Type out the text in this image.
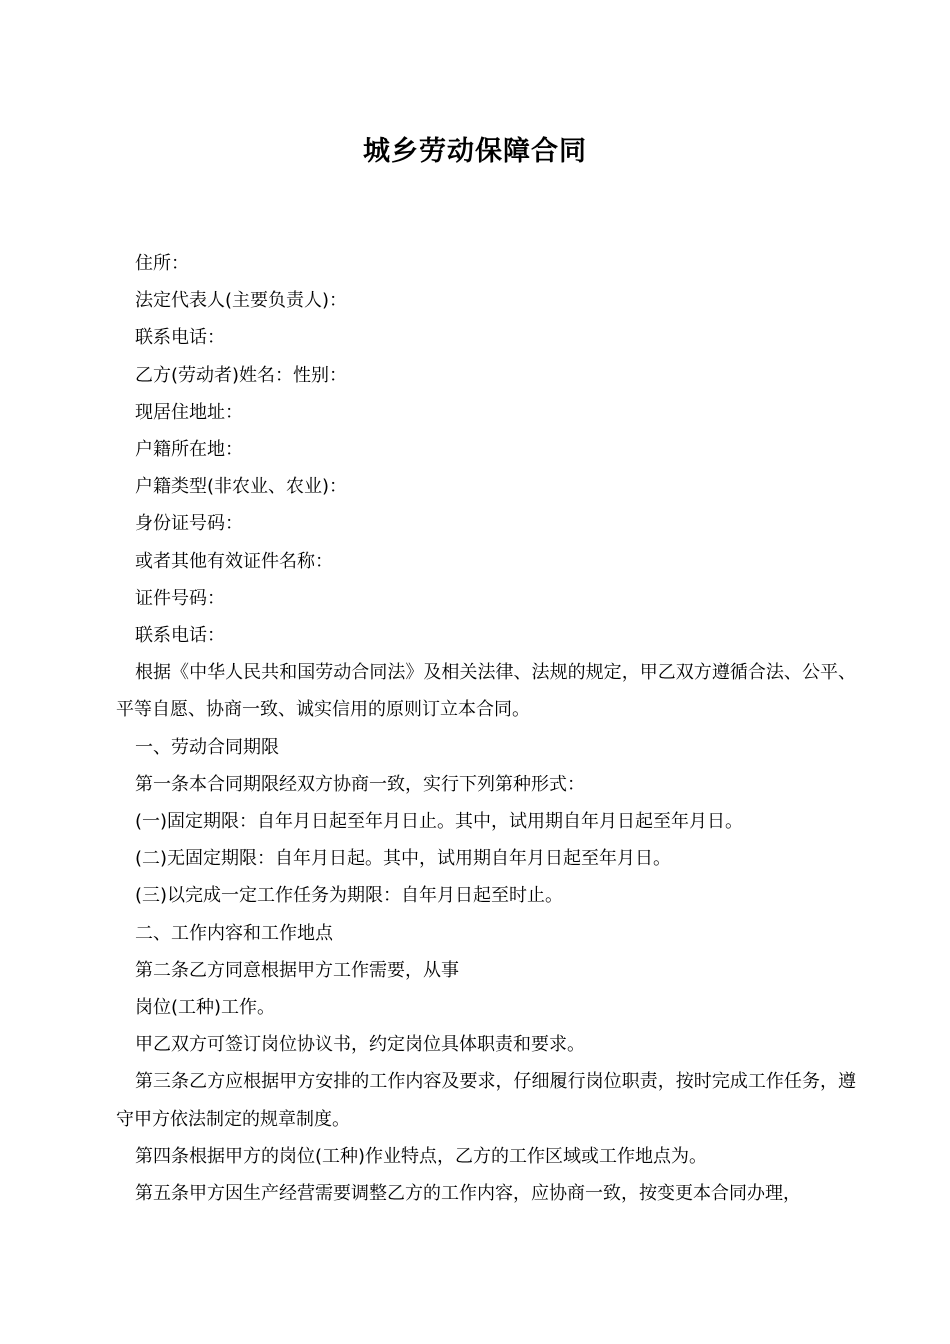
城乡劳动保障合同

住所：

法定代表人(主要负责人)：

联系电话：

乙方(劳动者)姓名：性别：

现居住地址：

户籍所在地：

户籍类型(非农业、农业)：

身份证号码：

或者其他有效证件名称：

证件号码：

联系电话：

根据《中华人民共和国劳动合同法》及相关法律、法规的规定，甲乙双方遵循合法、公平、平等自愿、协商一致、诚实信用的原则订立本合同。

一、劳动合同期限

第一条本合同期限经双方协商一致，实行下列第种形式：

(一)固定期限：自年月日起至年月日止。其中，试用期自年月日起至年月日。

(二)无固定期限：自年月日起。其中，试用期自年月日起至年月日。

(三)以完成一定工作任务为期限：自年月日起至时止。

二、工作内容和工作地点

第二条乙方同意根据甲方工作需要，从事

岗位(工种)工作。

甲乙双方可签订岗位协议书，约定岗位具体职责和要求。

第三条乙方应根据甲方安排的工作内容及要求，仔细履行岗位职责，按时完成工作任务，遵守甲方依法制定的规章制度。

第四条根据甲方的岗位(工种)作业特点，乙方的工作区域或工作地点为。

第五条甲方因生产经营需要调整乙方的工作内容，应协商一致，按变更本合同办理，
